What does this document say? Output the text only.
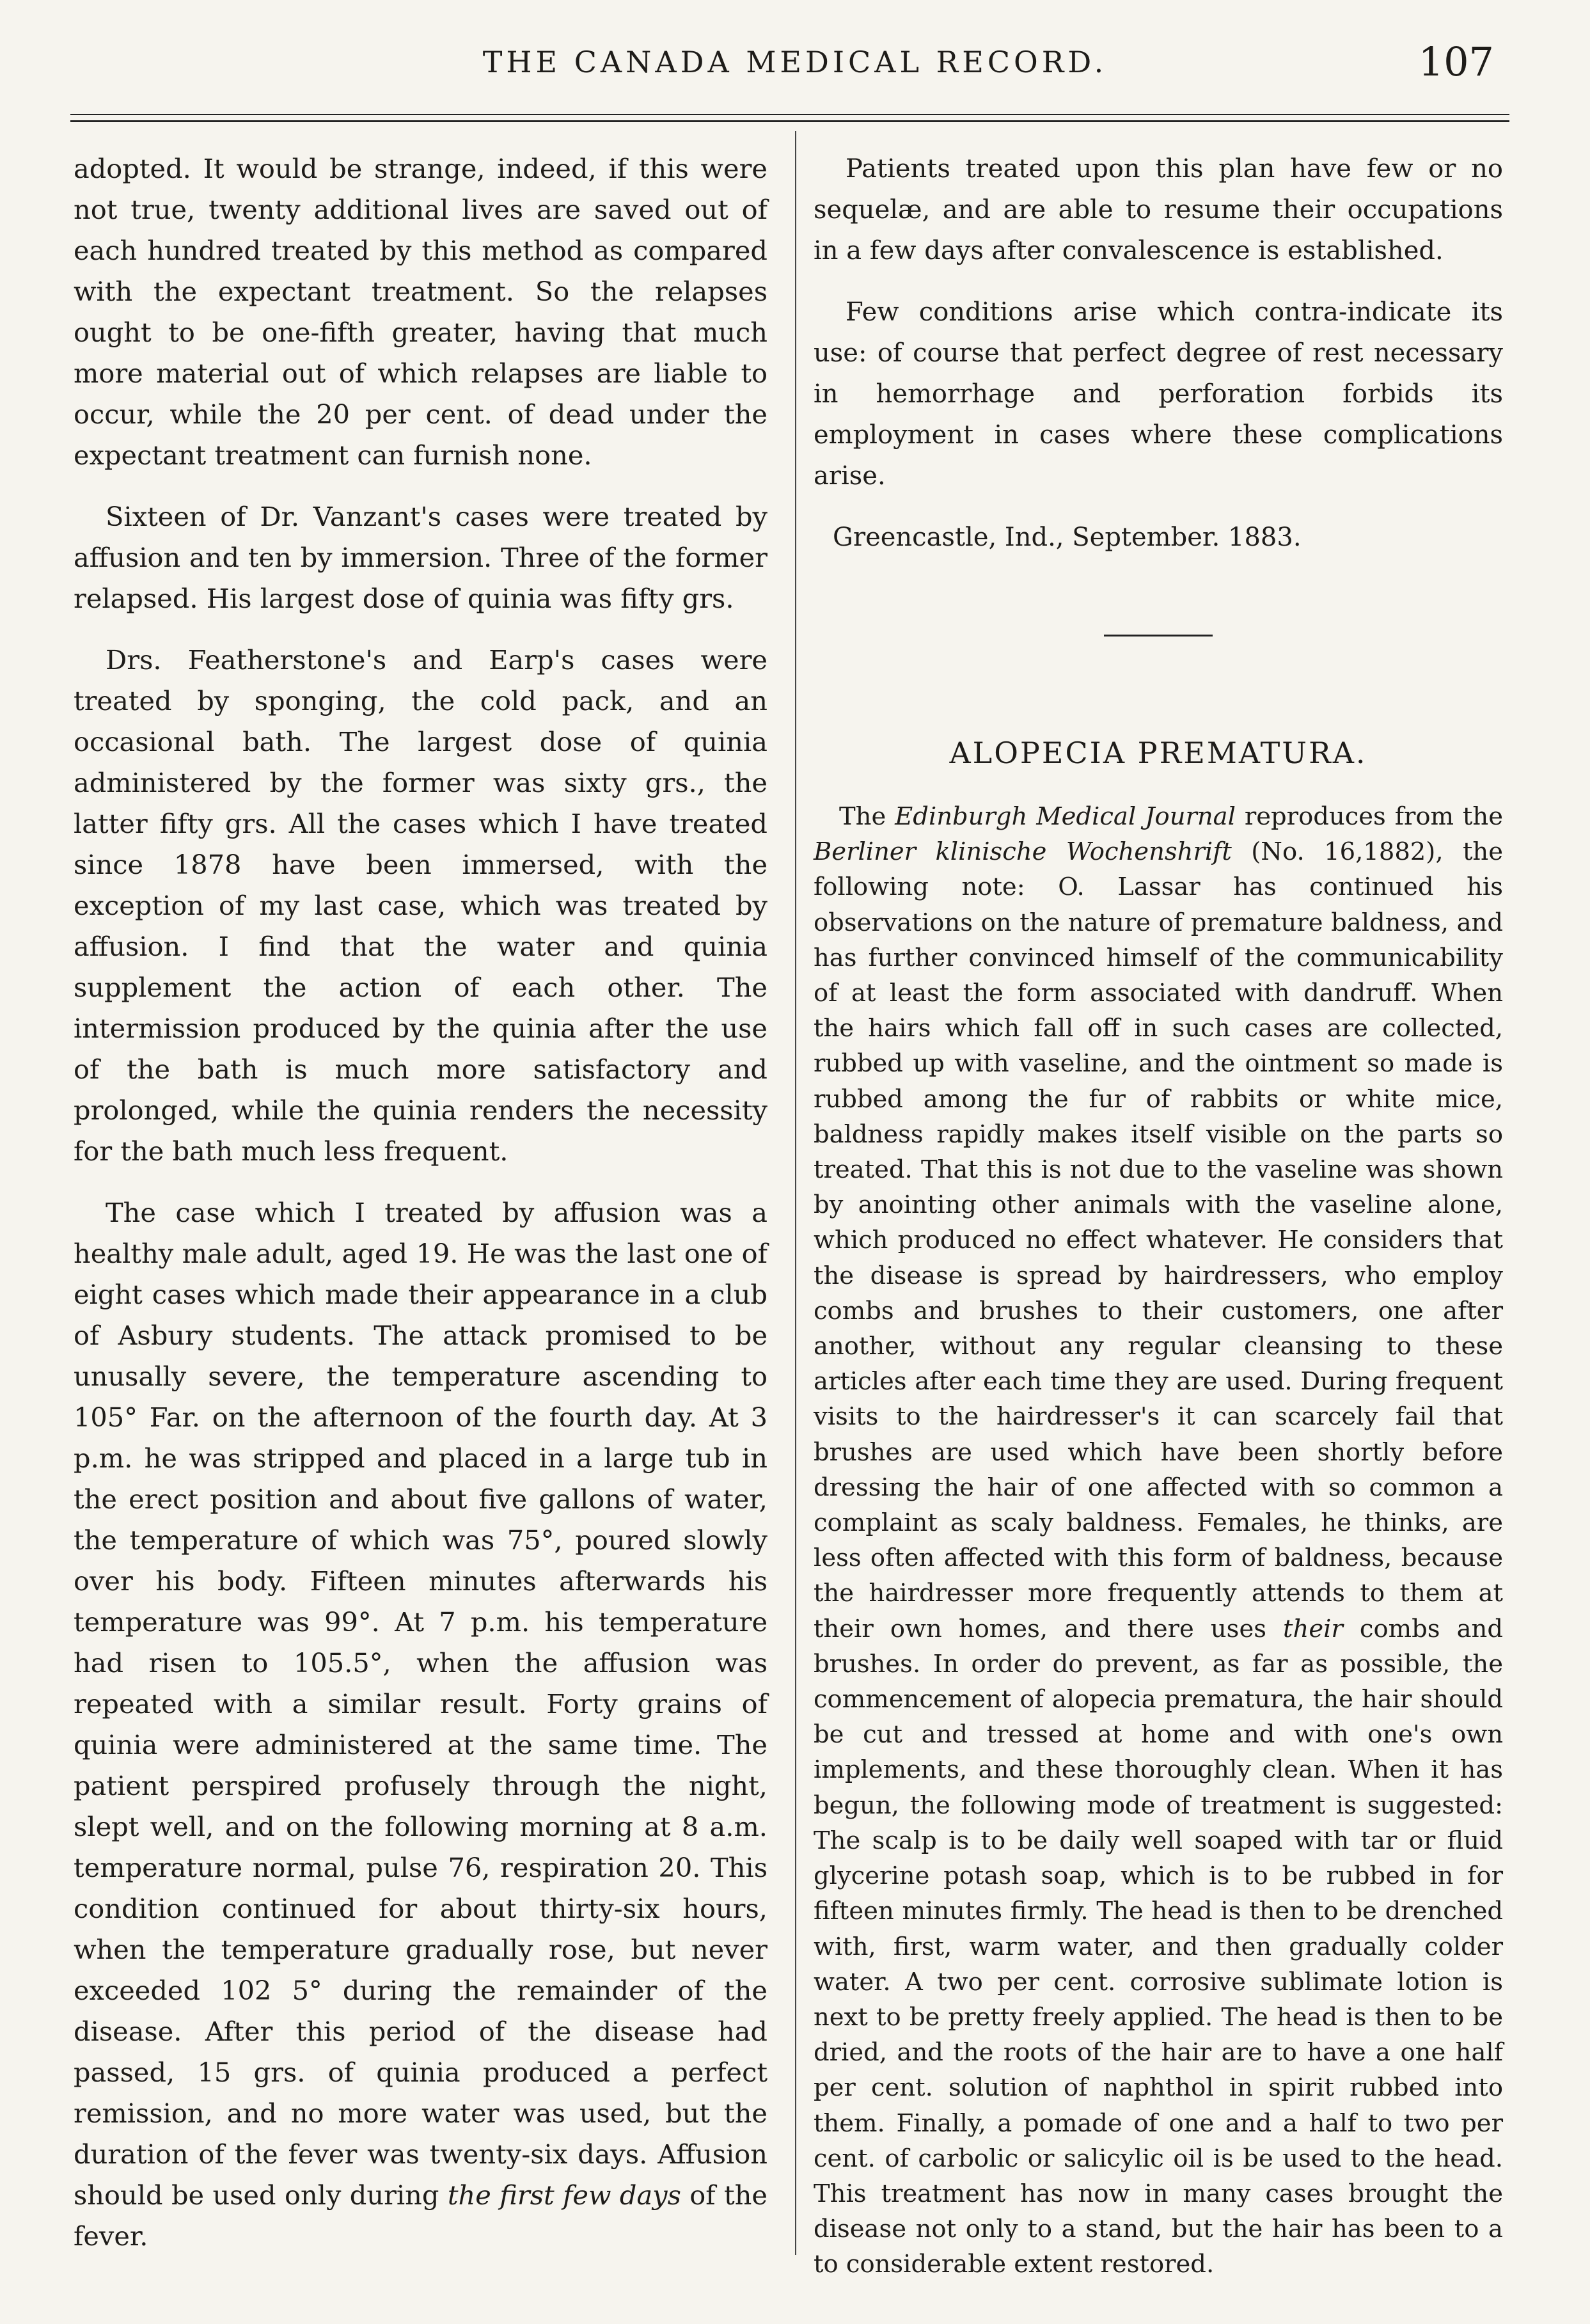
THE CANADA MEDICAL RECORD.	107

adopted. It would be strange, indeed, if this were not true, twenty additional lives are saved out of each hundred treated by this method as compared with the expectant treatment. So the relapses ought to be one-fifth greater, having that much more material out of which relapses are liable to occur, while the 20 per cent. of dead under the expectant treatment can furnish none.

Sixteen of Dr. Vanzant's cases were treated by affusion and ten by immersion. Three of the former relapsed. His largest dose of quinia was fifty grs.

Drs. Featherstone's and Earp's cases were treated by sponging, the cold pack, and an occasional bath. The largest dose of quinia administered by the former was sixty grs., the latter fifty grs. All the cases which I have treated since 1878 have been immersed, with the exception of my last case, which was treated by affusion. I find that the water and quinia supplement the action of each other. The intermission produced by the quinia after the use of the bath is much more satisfactory and prolonged, while the quinia renders the necessity for the bath much less frequent.

The case which I treated by affusion was a healthy male adult, aged 19. He was the last one of eight cases which made their appearance in a club of Asbury students. The attack promised to be unusally severe, the temperature ascending to 105° Far. on the afternoon of the fourth day. At 3 p.m. he was stripped and placed in a large tub in the erect position and about five gallons of water, the temperature of which was 75°, poured slowly over his body. Fifteen minutes afterwards his temperature was 99°. At 7 p.m. his temperature had risen to 105.5°, when the affusion was repeated with a similar result. Forty grains of quinia were administered at the same time. The patient perspired profusely through the night, slept well, and on the following morning at 8 a.m. temperature normal, pulse 76, respiration 20. This condition continued for about thirty-six hours, when the temperature gradually rose, but never exceeded 102 5° during the remainder of the disease. After this period of the disease had passed, 15 grs. of quinia produced a perfect remission, and no more water was used, but the duration of the fever was twenty-six days. Affusion should be used only during the first few days of the fever.

Patients treated upon this plan have few or no sequelæ, and are able to resume their occupations in a few days after convalescence is established.

Few conditions arise which contra-indicate its use: of course that perfect degree of rest necessary in hemorrhage and perforation forbids its employment in cases where these complications arise.

Greencastle, Ind., September. 1883.

ALOPECIA PREMATURA.

The Edinburgh Medical Journal reproduces from the Berliner klinische Wochenshrift (No. 16,1882), the following note: O. Lassar has continued his observations on the nature of premature baldness, and has further convinced himself of the communicability of at least the form associated with dandruff. When the hairs which fall off in such cases are collected, rubbed up with vaseline, and the ointment so made is rubbed among the fur of rabbits or white mice, baldness rapidly makes itself visible on the parts so treated. That this is not due to the vaseline was shown by anointing other animals with the vaseline alone, which produced no effect whatever. He considers that the disease is spread by hairdressers, who employ combs and brushes to their customers, one after another, without any regular cleansing to these articles after each time they are used. During frequent visits to the hairdresser's it can scarcely fail that brushes are used which have been shortly before dressing the hair of one affected with so common a complaint as scaly baldness. Females, he thinks, are less often affected with this form of baldness, because the hairdresser more frequently attends to them at their own homes, and there uses their combs and brushes. In order do prevent, as far as possible, the commencement of alopecia prematura, the hair should be cut and tressed at home and with one's own implements, and these thoroughly clean. When it has begun, the following mode of treatment is suggested: The scalp is to be daily well soaped with tar or fluid glycerine potash soap, which is to be rubbed in for fifteen minutes firmly. The head is then to be drenched with, first, warm water, and then gradually colder water. A two per cent. corrosive sublimate lotion is next to be pretty freely applied. The head is then to be dried, and the roots of the hair are to have a one half per cent. solution of naphthol in spirit rubbed into them. Finally, a pomade of one and a half to two per cent. of carbolic or salicylic oil is be used to the head. This treatment has now in many cases brought the disease not only to a stand, but the hair has been to a to considerable extent restored.
